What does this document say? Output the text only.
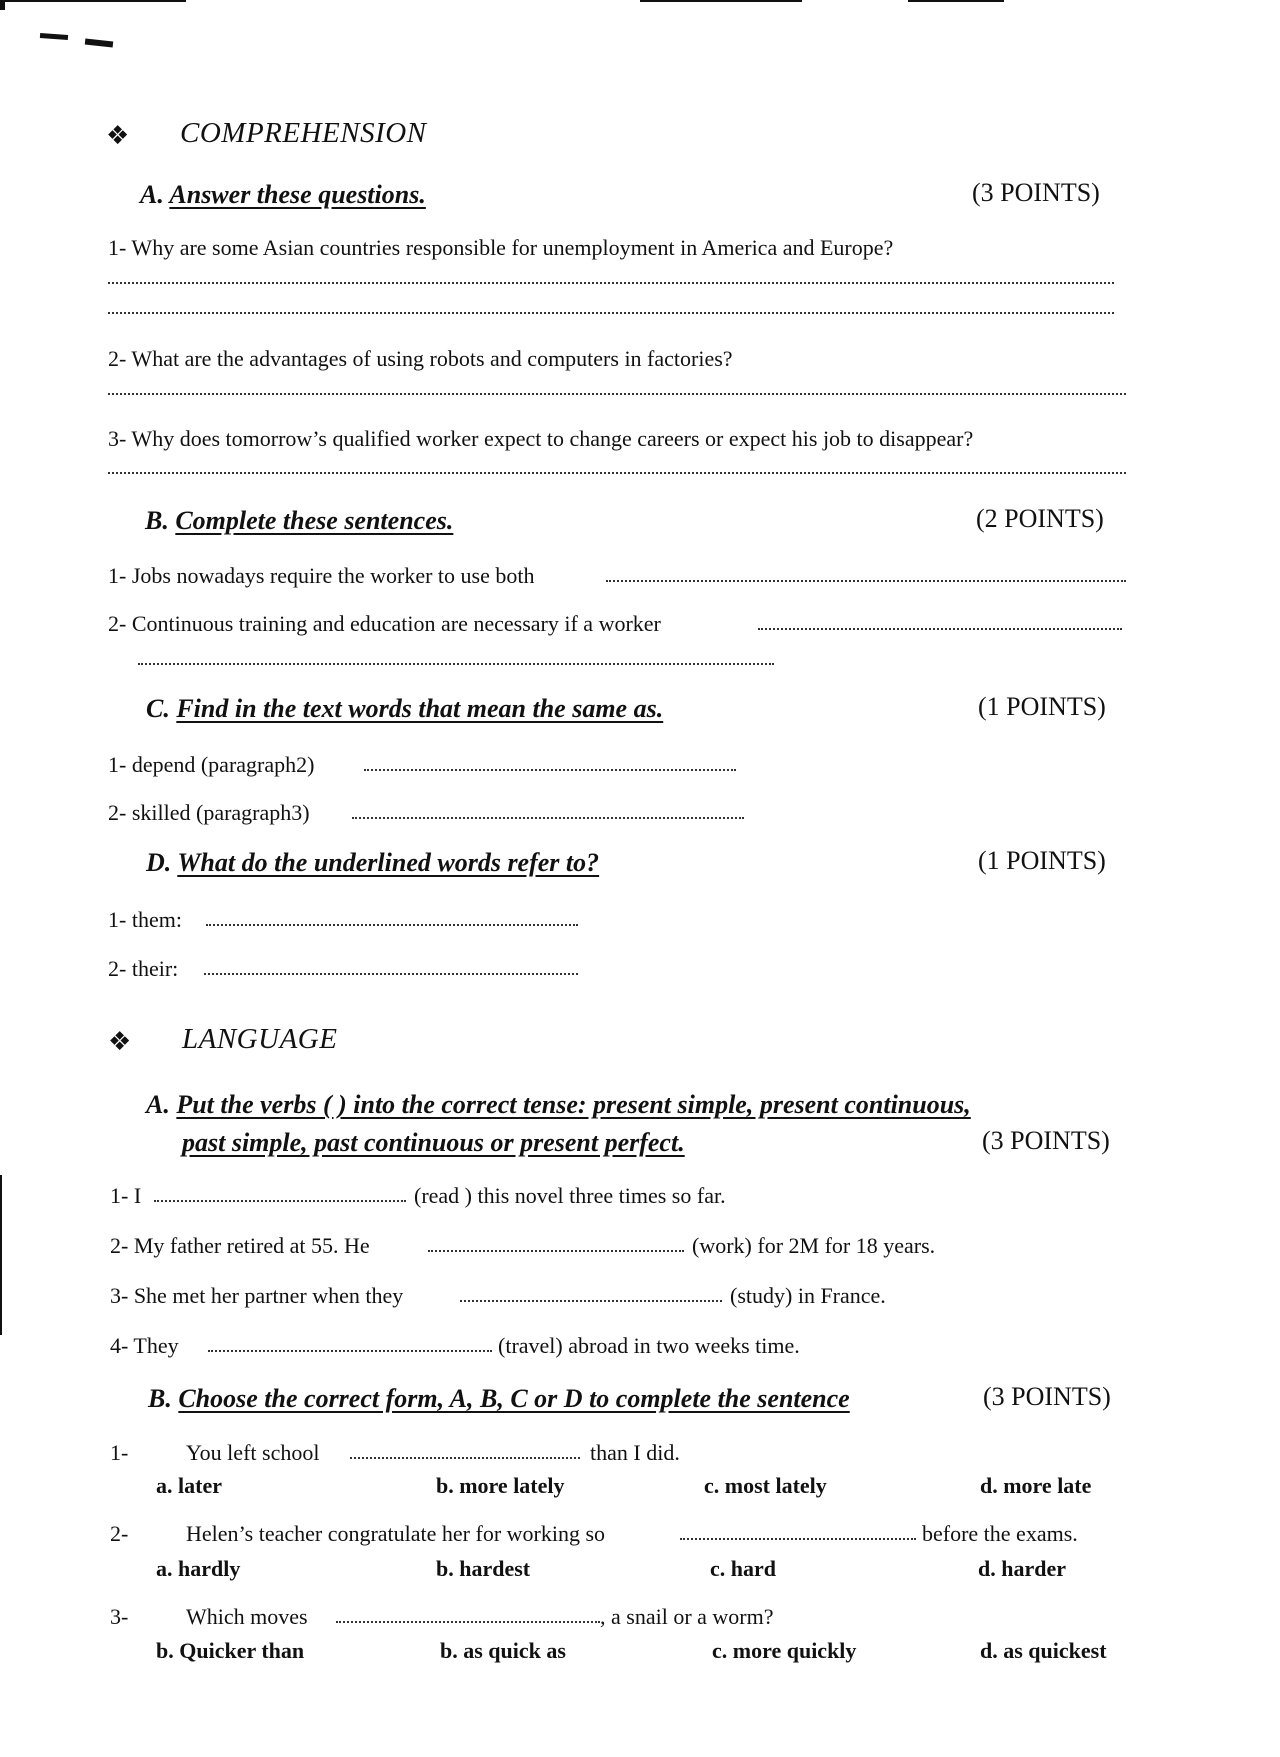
❖ COMPREHENSION
A. Answer these questions.	(3 POINTS)
1- Why are some Asian countries responsible for unemployment in America and Europe?
2- What are the advantages of using robots and computers in factories?
3- Why does tomorrow’s qualified worker expect to change careers or expect his job to disappear?
B. Complete these sentences.	(2 POINTS)
1- Jobs nowadays require the worker to use both
2- Continuous training and education are necessary if a worker
C. Find in the text words that mean the same as.	(1 POINTS)
1- depend (paragraph2)
2- skilled (paragraph3)
D. What do the underlined words refer to?	(1 POINTS)
1- them:
2- their:
❖ LANGUAGE
A. Put the verbs ( ) into the correct tense: present simple, present continuous,
past simple, past continuous or present perfect.	(3 POINTS)
1- I	(read ) this novel three times so far.
2- My father retired at 55. He	(work) for 2M for 18 years.
3- She met her partner when they	(study) in France.
4- They	(travel) abroad in two weeks time.
B. Choose the correct form, A, B, C or D to complete the sentence	(3 POINTS)
1-	You left school	than I did.
a. later	b. more lately	c. most lately	d. more late
2-	Helen’s teacher congratulate her for working so	before the exams.
a. hardly	b. hardest	c. hard	d. harder
3-	Which moves	, a snail or a worm?
b. Quicker than	b. as quick as	c. more quickly	d. as quickest
